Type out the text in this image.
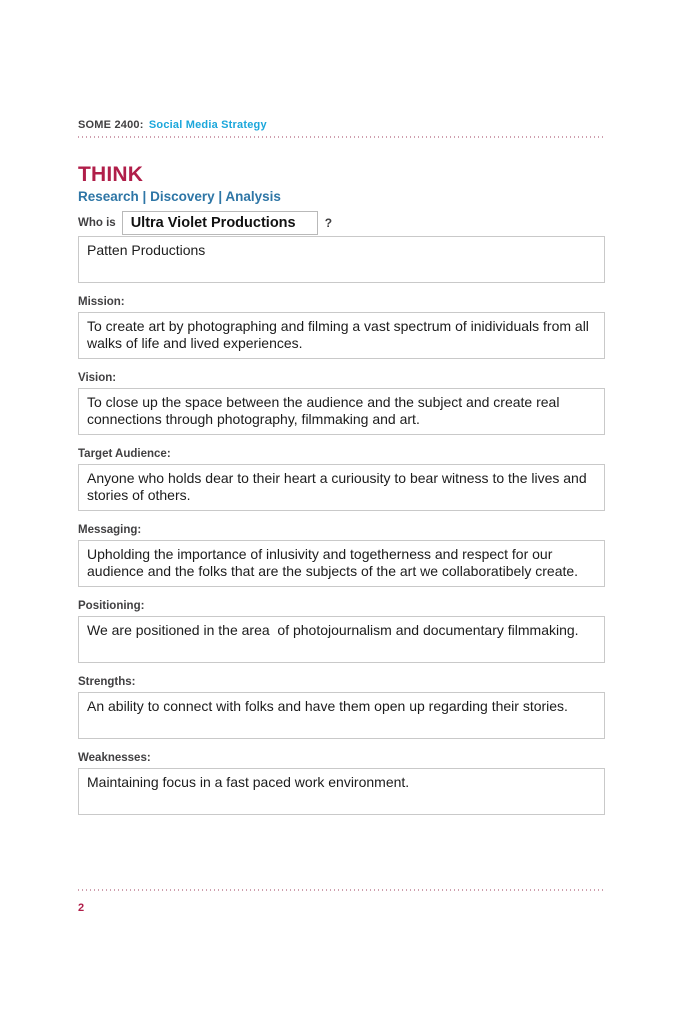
SOME 2400: Social Media Strategy
THINK
Research | Discovery | Analysis
Who is	Ultra Violet Productions	?
Patten Productions
Mission:
To create art by photographing and filming a vast spectrum of inidividuals from all walks of life and lived experiences.
Vision:
To close up the space between the audience and the subject and create real connections through photography, filmmaking and art.
Target Audience:
Anyone who holds dear to their heart a curiousity to bear witness to the lives and stories of others.
Messaging:
Upholding the importance of inlusivity and togetherness and respect for our audience and the folks that are the subjects of the art we collaboratibely create.
Positioning:
We are positioned in the area  of photojournalism and documentary filmmaking.
Strengths:
An ability to connect with folks and have them open up regarding their stories.
Weaknesses:
Maintaining focus in a fast paced work environment.
2
